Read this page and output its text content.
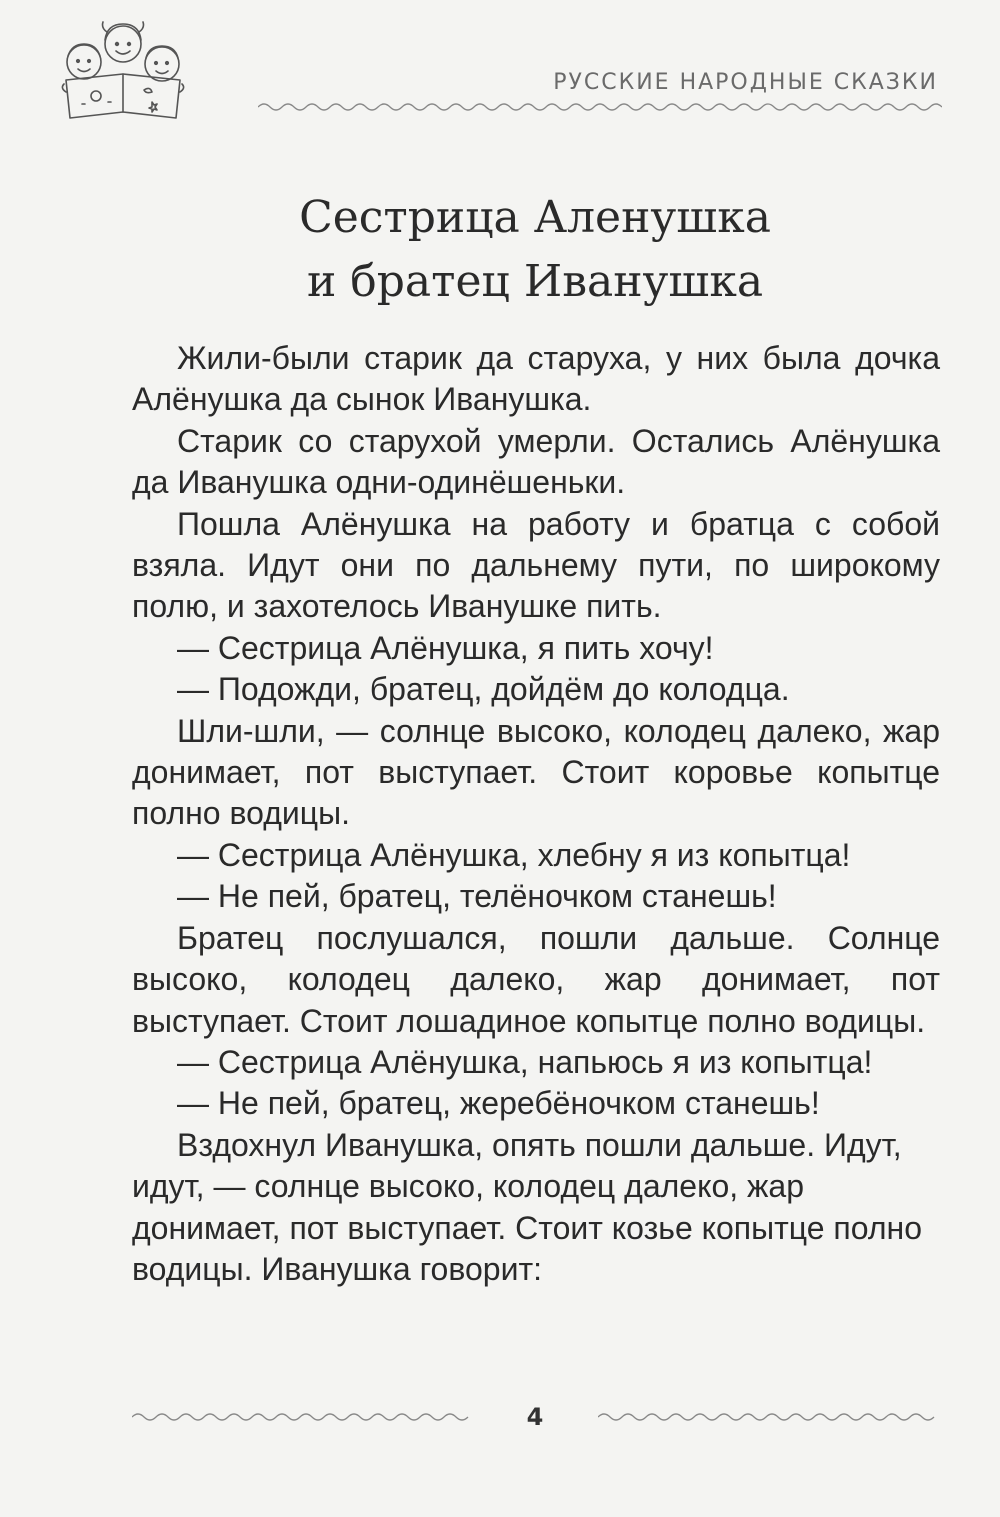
РУССКИЕ НАРОДНЫЕ СКАЗКИ
Сестрица Аленушка
и братец Иванушка

Жили-были старик да старуха, у них была дочка Алёнушка да сынок Иванушка.

Старик со старухой умерли. Остались Алёнушка да Иванушка одни-одинёшеньки.

Пошла Алёнушка на работу и братца с собой взяла. Идут они по дальнему пути, по широкому полю, и захотелось Иванушке пить.

— Сестрица Алёнушка, я пить хочу!

— Подожди, братец, дойдём до колодца.

Шли-шли, — солнце высоко, колодец далеко, жар донимает, пот выступает. Стоит коровье копытце полно водицы.

— Сестрица Алёнушка, хлебну я из копытца!

— Не пей, братец, телёночком станешь!

Братец послушался, пошли дальше. Солнце высоко, колодец далеко, жар донимает, пот выступает. Стоит лошадиное копытце полно водицы.

— Сестрица Алёнушка, напьюсь я из копытца!

— Не пей, братец, жеребёночком станешь!

Вздохнул Иванушка, опять пошли дальше. Идут, идут, — солнце высоко, колодец далеко, жар донимает, пот выступает. Стоит козье копытце полно водицы. Иванушка говорит:

4
